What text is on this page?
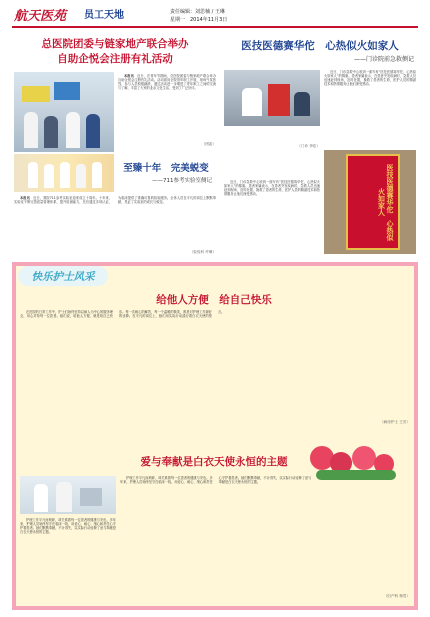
航天医苑	员工天地	责任编辑：刘思楠 / 王琳
星期一　2014年11月3日
总医院团委与链家地产联合举办
自助企悦会注册有礼活动

本报讯　 近日，在青年节期间，总医院团委与链家地产联合举办自助企悦会注册有礼活动。活动面向全院青年职工开展，现场气氛热烈，参与人员积极踊跃，通过活动进一步增进了青年职工之间的交流与了解，丰富了大家的业余文化生活，受到了广泛好评。

（团委）
至臻十年　完美蜕变
——711参考实验室侧记

本报讯　 近日，我院711参考实验室迎来成立十周年。十年来，实验室不断完善质量管理体系，提升检测能力，先后通过多项认证，为临床提供了准确可靠的检验服务。全体人员在平凡的岗位上默默奉献，见证了实验室的成长与蜕变。

（检验科 许琳）
医技医德赛华佗　心热似火如家人
——门诊院前急救侧记

近日，门诊急救中心收到一面写有“医技医德赛华佗，心热似火如家人”的锦旗。患者家属表示，在患者突发疾病时，急救人员迅速赶到现场，及时处置，挽救了患者的生命，医护人员的精湛技术和热情服务让他们深受感动。

近日，门诊急救中心收到一面写有“医技医德赛华佗，心热似火如家人”的锦旗。患者家属表示，在患者突发疾病时，急救人员迅速赶到现场，及时处置，挽救了患者的生命，医护人员的精湛技术和热情服务让他们深受感动。	医技医德赛华佗　心热似火如家人
（门诊 李佳）
快乐护士风采
给他人方便　给自己快乐

在医院的日常工作中，护士们始终坚持以病人为中心的服务理念，用心对待每一位患者。她们说，给他人方便，就是给自己快乐。每一次耐心的解答，每一个温暖的微笑，都是对护理工作最好的诠释。在平凡的岗位上，她们用实际行动践行着白衣天使的誓言。

（病房护士 王芳）
爱与奉献是白衣天使永恒的主题

护理工作平凡而琐碎，却关系着每一位患者的健康与安危。多年来，护理人员始终坚守在临床一线，用爱心、耐心、细心和责任心守护着患者。她们默默奉献，不计得失，以实际行动诠释了爱与奉献是白衣天使永恒的主题。

护理工作平凡而琐碎，却关系着每一位患者的健康与安危。多年来，护理人员始终坚守在临床一线，用爱心、耐心、细心和责任心守护着患者。她们默默奉献，不计得失，以实际行动诠释了爱与奉献是白衣天使永恒的主题。

（妇产科 杨雪）
